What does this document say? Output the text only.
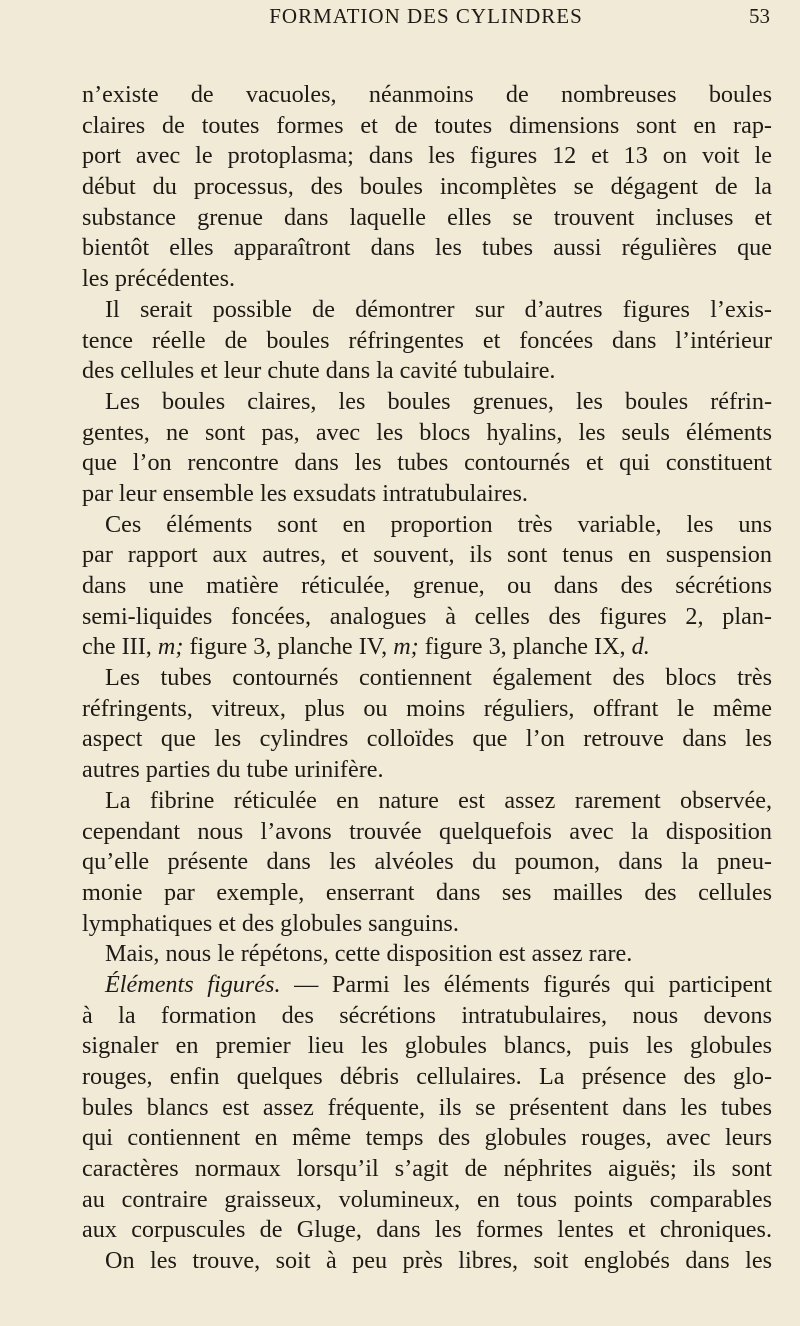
FORMATION DES CYLINDRES	53
n’existe de vacuoles, néanmoins de nombreuses boules
claires de toutes formes et de toutes dimensions sont en rap-
port avec le protoplasma; dans les figures 12 et 13 on voit le
début du processus, des boules incomplètes se dégagent de la
substance grenue dans laquelle elles se trouvent incluses et
bientôt elles apparaîtront dans les tubes aussi régulières que
les précédentes.
Il serait possible de démontrer sur d’autres figures l’exis-
tence réelle de boules réfringentes et foncées dans l’intérieur
des cellules et leur chute dans la cavité tubulaire.
Les boules claires, les boules grenues, les boules réfrin-
gentes, ne sont pas, avec les blocs hyalins, les seuls éléments
que l’on rencontre dans les tubes contournés et qui constituent
par leur ensemble les exsudats intratubulaires.
Ces éléments sont en proportion très variable, les uns
par rapport aux autres, et souvent, ils sont tenus en suspension
dans une matière réticulée, grenue, ou dans des sécrétions
semi-liquides foncées, analogues à celles des figures 2, plan-
che III, m; figure 3, planche IV, m; figure 3, planche IX, d.
Les tubes contournés contiennent également des blocs très
réfringents, vitreux, plus ou moins réguliers, offrant le même
aspect que les cylindres colloïdes que l’on retrouve dans les
autres parties du tube urinifère.
La fibrine réticulée en nature est assez rarement observée,
cependant nous l’avons trouvée quelquefois avec la disposition
qu’elle présente dans les alvéoles du poumon, dans la pneu-
monie par exemple, enserrant dans ses mailles des cellules
lymphatiques et des globules sanguins.
Mais, nous le répétons, cette disposition est assez rare.
Éléments figurés. — Parmi les éléments figurés qui participent
à la formation des sécrétions intratubulaires, nous devons
signaler en premier lieu les globules blancs, puis les globules
rouges, enfin quelques débris cellulaires. La présence des glo-
bules blancs est assez fréquente, ils se présentent dans les tubes
qui contiennent en même temps des globules rouges, avec leurs
caractères normaux lorsqu’il s’agit de néphrites aiguës; ils sont
au contraire graisseux, volumineux, en tous points comparables
aux corpuscules de Gluge, dans les formes lentes et chroniques.
On les trouve, soit à peu près libres, soit englobés dans les
